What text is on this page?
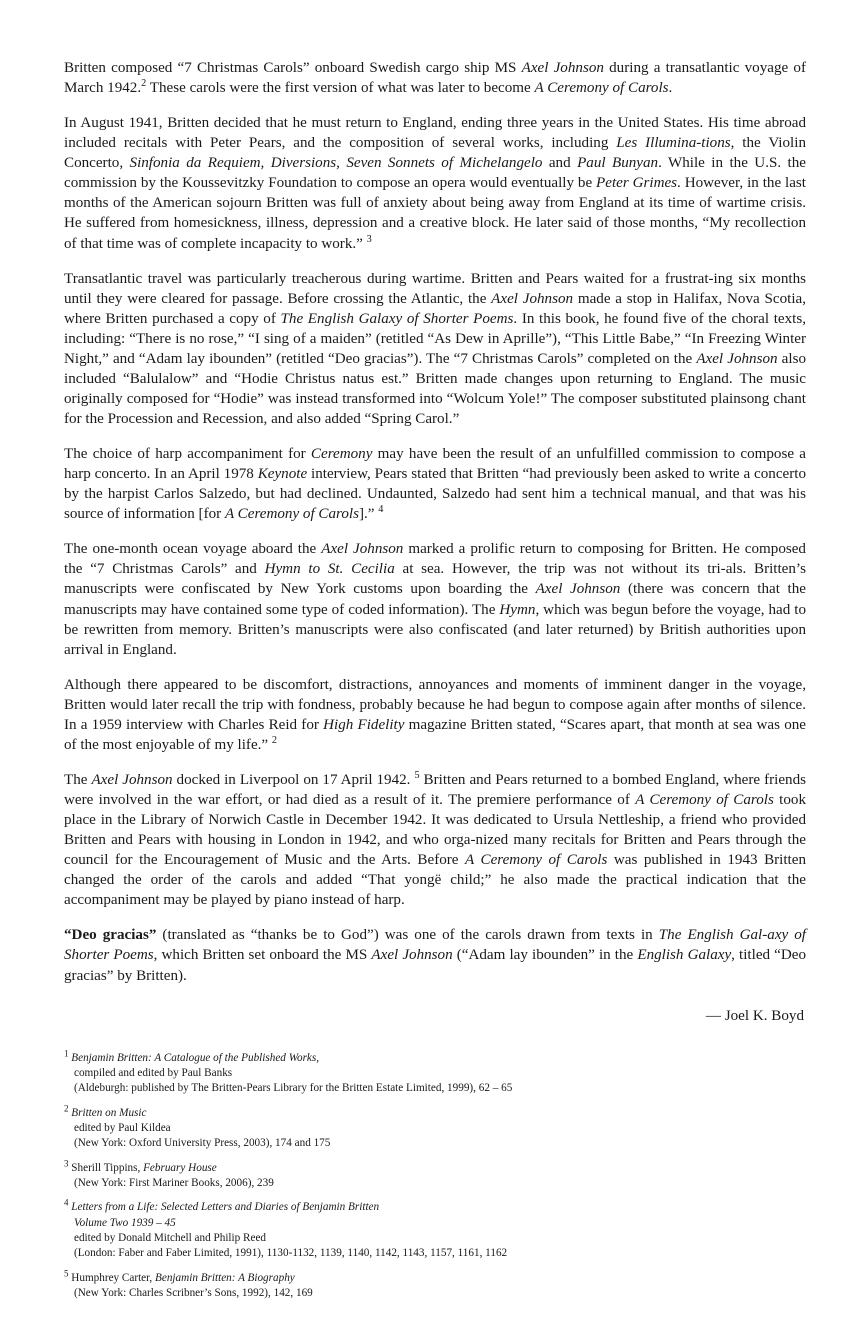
Britten composed “7 Christmas Carols” onboard Swedish cargo ship MS Axel Johnson during a transatlantic voyage of March 1942.$^2$ These carols were the first version of what was later to become A Ceremony of Carols.

In August 1941, Britten decided that he must return to England, ending three years in the United States. His time abroad included recitals with Peter Pears, and the composition of several works, including Les Illumina-tions, the Violin Concerto, Sinfonia da Requiem, Diversions, Seven Sonnets of Michelangelo and Paul Bunyan. While in the U.S. the commission by the Koussevitzky Foundation to compose an opera would eventually be Peter Grimes. However, in the last months of the American sojourn Britten was full of anxiety about being away from England at its time of wartime crisis. He suffered from homesickness, illness, depression and a creative block. He later said of those months, “My recollection of that time was of complete incapacity to work.” $^3$

Transatlantic travel was particularly treacherous during wartime. Britten and Pears waited for a frustrat-ing six months until they were cleared for passage. Before crossing the Atlantic, the Axel Johnson made a stop in Halifax, Nova Scotia, where Britten purchased a copy of The English Galaxy of Shorter Poems. In this book, he found five of the choral texts, including: “There is no rose,” “I sing of a maiden” (retitled “As Dew in Aprille”), “This Little Babe,” “In Freezing Winter Night,” and “Adam lay ibounden” (retitled “Deo gracias”). The “7 Christmas Carols” completed on the Axel Johnson also included “Balulalow” and “Hodie Christus natus est.” Britten made changes upon returning to England. The music originally composed for “Hodie” was instead transformed into “Wolcum Yole!” The composer substituted plainsong chant for the Procession and Recession, and also added “Spring Carol.”

The choice of harp accompaniment for Ceremony may have been the result of an unfulfilled commission to compose a harp concerto. In an April 1978 Keynote interview, Pears stated that Britten “had previously been asked to write a concerto by the harpist Carlos Salzedo, but had declined. Undaunted, Salzedo had sent him a technical manual, and that was his source of information [for A Ceremony of Carols].” $^4$

The one-month ocean voyage aboard the Axel Johnson marked a prolific return to composing for Britten. He composed the “7 Christmas Carols” and Hymn to St. Cecilia at sea. However, the trip was not without its tri-als. Britten’s manuscripts were confiscated by New York customs upon boarding the Axel Johnson (there was concern that the manuscripts may have contained some type of coded information). The Hymn, which was begun before the voyage, had to be rewritten from memory. Britten’s manuscripts were also confiscated (and later returned) by British authorities upon arrival in England.

Although there appeared to be discomfort, distractions, annoyances and moments of imminent danger in the voyage, Britten would later recall the trip with fondness, probably because he had begun to compose again after months of silence. In a 1959 interview with Charles Reid for High Fidelity magazine Britten stated, “Scares apart, that month at sea was one of the most enjoyable of my life.” $^2$

The Axel Johnson docked in Liverpool on 17 April 1942. $^5$ Britten and Pears returned to a bombed England, where friends were involved in the war effort, or had died as a result of it. The premiere performance of A Ceremony of Carols took place in the Library of Norwich Castle in December 1942. It was dedicated to Ursula Nettleship, a friend who provided Britten and Pears with housing in London in 1942, and who orga-nized many recitals for Britten and Pears through the council for the Encouragement of Music and the Arts. Before A Ceremony of Carols was published in 1943 Britten changed the order of the carols and added “That yongë child;” he also made the practical indication that the accompaniment may be played by piano instead of harp.

“Deo gracias” (translated as “thanks be to God”) was one of the carols drawn from texts in The English Gal-axy of Shorter Poems, which Britten set onboard the MS Axel Johnson (“Adam lay ibounden” in the English Galaxy, titled “Deo gracias” by Britten).

— Joel K. Boyd
$^1$ Benjamin Britten: A Catalogue of the Published Works,
compiled and edited by Paul Banks
(Aldeburgh: published by The Britten-Pears Library for the Britten Estate Limited, 1999), 62 – 65
$^2$ Britten on Music
edited by Paul Kildea
(New York: Oxford University Press, 2003), 174 and 175
$^3$ Sherill Tippins, February House
(New York: First Mariner Books, 2006), 239
$^4$ Letters from a Life: Selected Letters and Diaries of Benjamin Britten
Volume Two 1939 – 45
edited by Donald Mitchell and Philip Reed
(London: Faber and Faber Limited, 1991), 1130-1132, 1139, 1140, 1142, 1143, 1157, 1161, 1162
$^5$ Humphrey Carter, Benjamin Britten: A Biography
(New York: Charles Scribner’s Sons, 1992), 142, 169
